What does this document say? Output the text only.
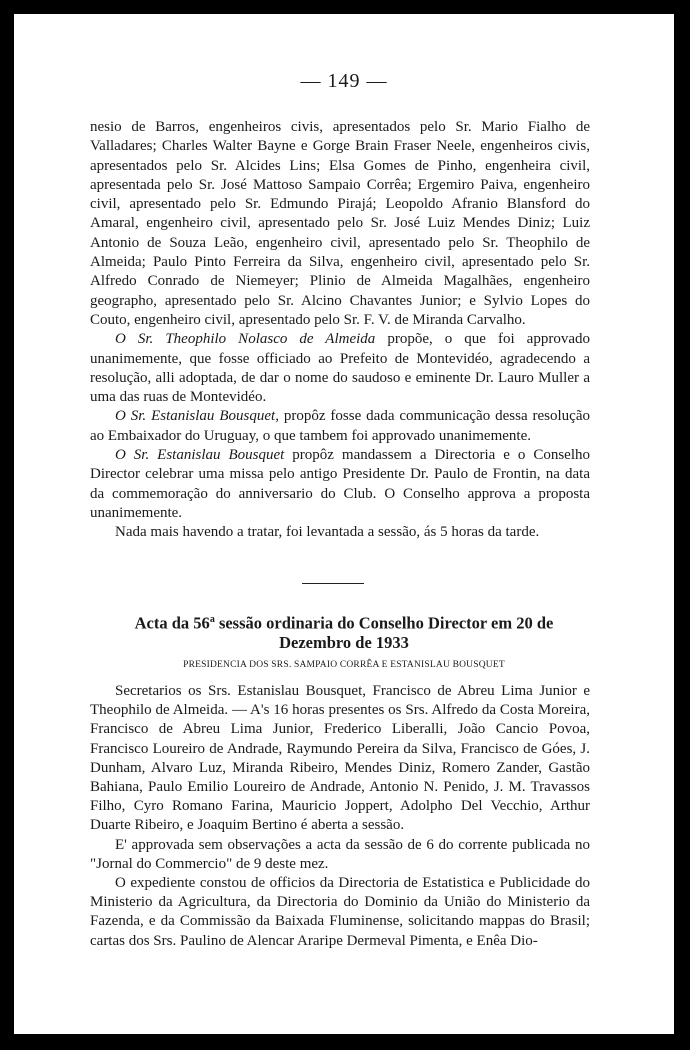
— 149 —

nesio de Barros, engenheiros civis, apresentados pelo Sr. Mario Fialho de Valladares; Charles Walter Bayne e Gorge Brain Fraser Neele, engenheiros civis, apresentados pelo Sr. Alcides Lins; Elsa Gomes de Pinho, engenheira civil, apresentada pelo Sr. José Mattoso Sampaio Corrêa; Ergemiro Paiva, engenheiro civil, apresentado pelo Sr. Edmundo Pirajá; Leopoldo Afranio Blansford do Amaral, engenheiro civil, apresentado pelo Sr. José Luiz Mendes Diniz; Luiz Antonio de Souza Leão, engenheiro civil, apresentado pelo Sr. Theophilo de Almeida; Paulo Pinto Ferreira da Silva, engenheiro civil, apresentado pelo Sr. Alfredo Conrado de Niemeyer; Plinio de Almeida Magalhães, engenheiro geographo, apresentado pelo Sr. Alcino Chavantes Junior; e Sylvio Lopes do Couto, engenheiro civil, apresentado pelo Sr. F. V. de Miranda Carvalho.

O Sr. Theophilo Nolasco de Almeida propõe, o que foi approvado unanimemente, que fosse officiado ao Prefeito de Montevidéo, agradecendo a resolução, alli adoptada, de dar o nome do saudoso e eminente Dr. Lauro Muller a uma das ruas de Montevidéo.

O Sr. Estanislau Bousquet, propôz fosse dada communicação dessa resolução ao Embaixador do Uruguay, o que tambem foi approvado unanimemente.

O Sr. Estanislau Bousquet propôz mandassem a Directoria e o Conselho Director celebrar uma missa pelo antigo Presidente Dr. Paulo de Frontin, na data da commemoração do anniversario do Club. O Conselho approva a proposta unanimemente.

Nada mais havendo a tratar, foi levantada a sessão, ás 5 horas da tarde.

Acta da 56$^a$ sessão ordinaria do Conselho Director em 20 de
Dezembro de 1933
PRESIDENCIA DOS SRS. SAMPAIO CORRÊA E ESTANISLAU BOUSQUET

Secretarios os Srs. Estanislau Bousquet, Francisco de Abreu Lima Junior e Theophilo de Almeida. — A's 16 horas presentes os Srs. Alfredo da Costa Moreira, Francisco de Abreu Lima Junior, Frederico Liberalli, João Cancio Povoa, Francisco Loureiro de Andrade, Raymundo Pereira da Silva, Francisco de Góes, J. Dunham, Alvaro Luz, Miranda Ribeiro, Mendes Diniz, Romero Zander, Gastão Bahiana, Paulo Emilio Loureiro de Andrade, Antonio N. Penido, J. M. Travassos Filho, Cyro Romano Farina, Mauricio Joppert, Adolpho Del Vecchio, Arthur Duarte Ribeiro, e Joaquim Bertino é aberta a sessão.

E' approvada sem observações a acta da sessão de 6 do corrente publicada no "Jornal do Commercio" de 9 deste mez.

O expediente constou de officios da Directoria de Estatistica e Publicidade do Ministerio da Agricultura, da Directoria do Dominio da União do Ministerio da Fazenda, e da Commissão da Baixada Fluminense, solicitando mappas do Brasil; cartas dos Srs. Paulino de Alencar Araripe Dermeval Pimenta, e Enêa Dio-
